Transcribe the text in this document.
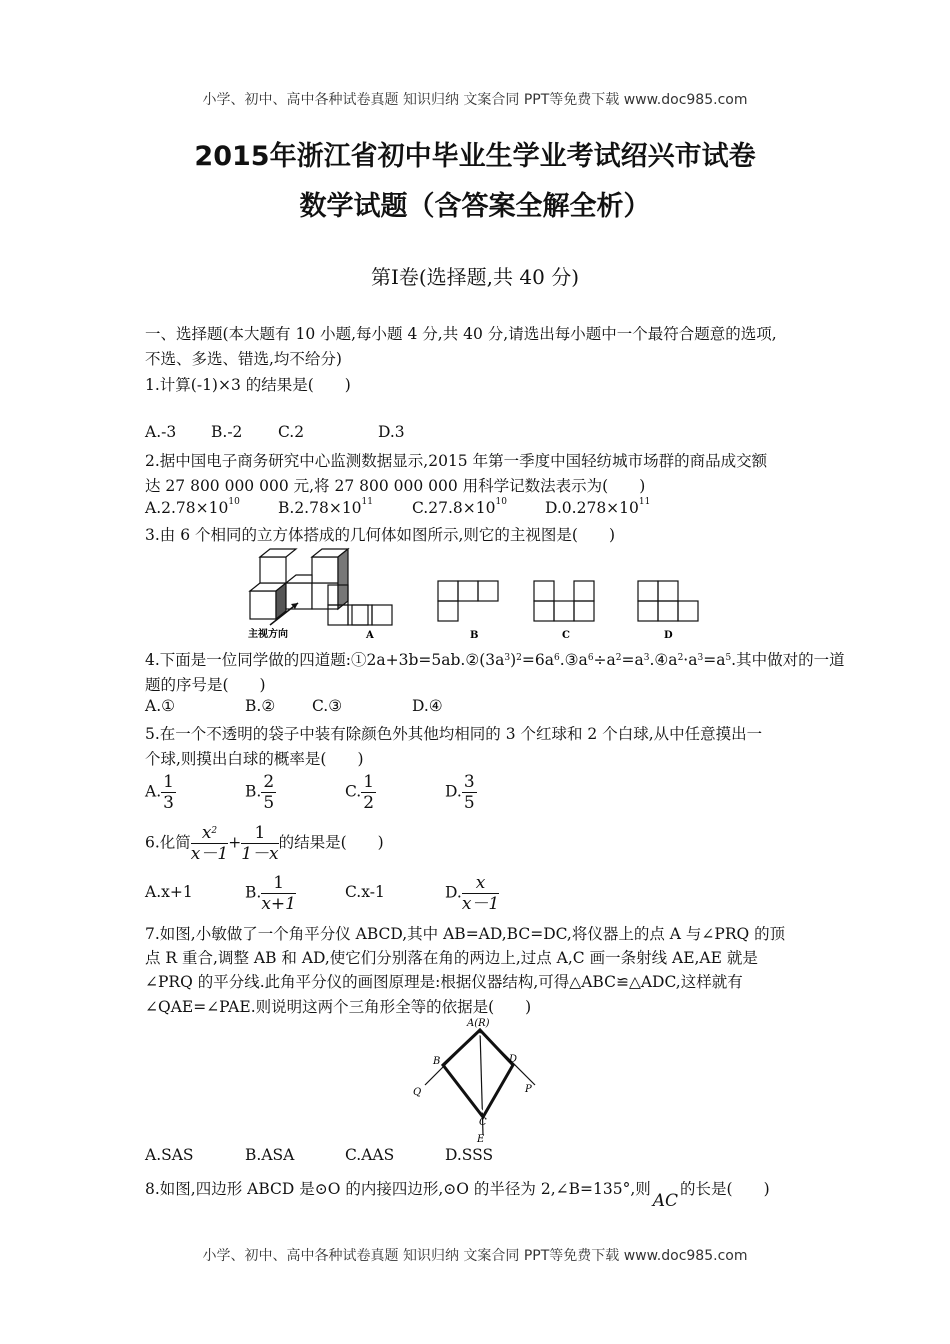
小学、初中、高中各种试卷真题 知识归纳 文案合同 PPT等免费下载 www.doc985.com
2015年浙江省初中毕业生学业考试绍兴市试卷
数学试题（含答案全解全析）
第Ⅰ卷(选择题,共 40 分)
一、选择题(本大题有 10 小题,每小题 4 分,共 40 分,请选出每小题中一个最符合题意的选项,
不选、多选、错选,均不给分)
1.计算(-1)×3 的结果是(　　)
A.-3 B.-2 C.2	D.3
2.据中国电子商务研究中心监测数据显示,2015 年第一季度中国轻纺城市场群的商品成交额
达 27 800 000 000 元,将 27 800 000 000 用科学记数法表示为(　　)
$A.2.78\times 10^{10}$ $B.2.78\times 10^{11}$	$C.27.8\times 10^{10}$ $D.0.278\times 10^{11}$
3.由 6 个相同的立方体搭成的几何体如图所示,则它的主视图是(　　)
主视方向	A	B	C	D
4.下面是一位同学做的四道题$:①2a+3b=5ab.②(3a^3)^2=6a^6.③a^6\div a^2=a^3.④a^2\cdot a^3=a^5$.其中做对的一道
题的序号是(　　)
A.①	B.② C.③	D.④
5.在一个不透明的袋子中装有除颜色外其他均相同的 3 个红球和 2 个白球,从中任意摸出一
个球,则摸出白球的概率是(　　)
A. $\frac{1}{3}$	B. $\frac{2}{5}$	C. $\frac{1}{2}$	D. $\frac{3}{5}$
6.化简 $\frac{x^2}{x-1} + \frac{1}{1-x}$ 的结果是(　　)
A.x+1	B. $\frac{1}{x+1}$	C.x-1	D. $\frac{x}{x-1}$
7.如图,小敏做了一个角平分仪 ABCD,其中 AB=AD,BC=DC,将仪器上的点 A 与∠PRQ 的顶
点 R 重合,调整 AB 和 AD,使它们分别落在角的两边上,过点 A,C 画一条射线 AE,AE 就是
∠PRQ 的平分线.此角平分仪的画图原理是:根据仪器结构,可得△ABC≌△ADC,这样就有
∠QAE=∠PAE.则说明这两个三角形全等的依据是(　　)
A(R)
B	D
Q	P
C
E
A.SAS	B.ASA	C.AAS	D.SSS
8.如图,四边形 ABCD 是⊙O 的内接四边形,⊙O 的半径为 2,∠B=135°,则AC的长是(　　)
小学、初中、高中各种试卷真题 知识归纳 文案合同 PPT等免费下载 www.doc985.com
